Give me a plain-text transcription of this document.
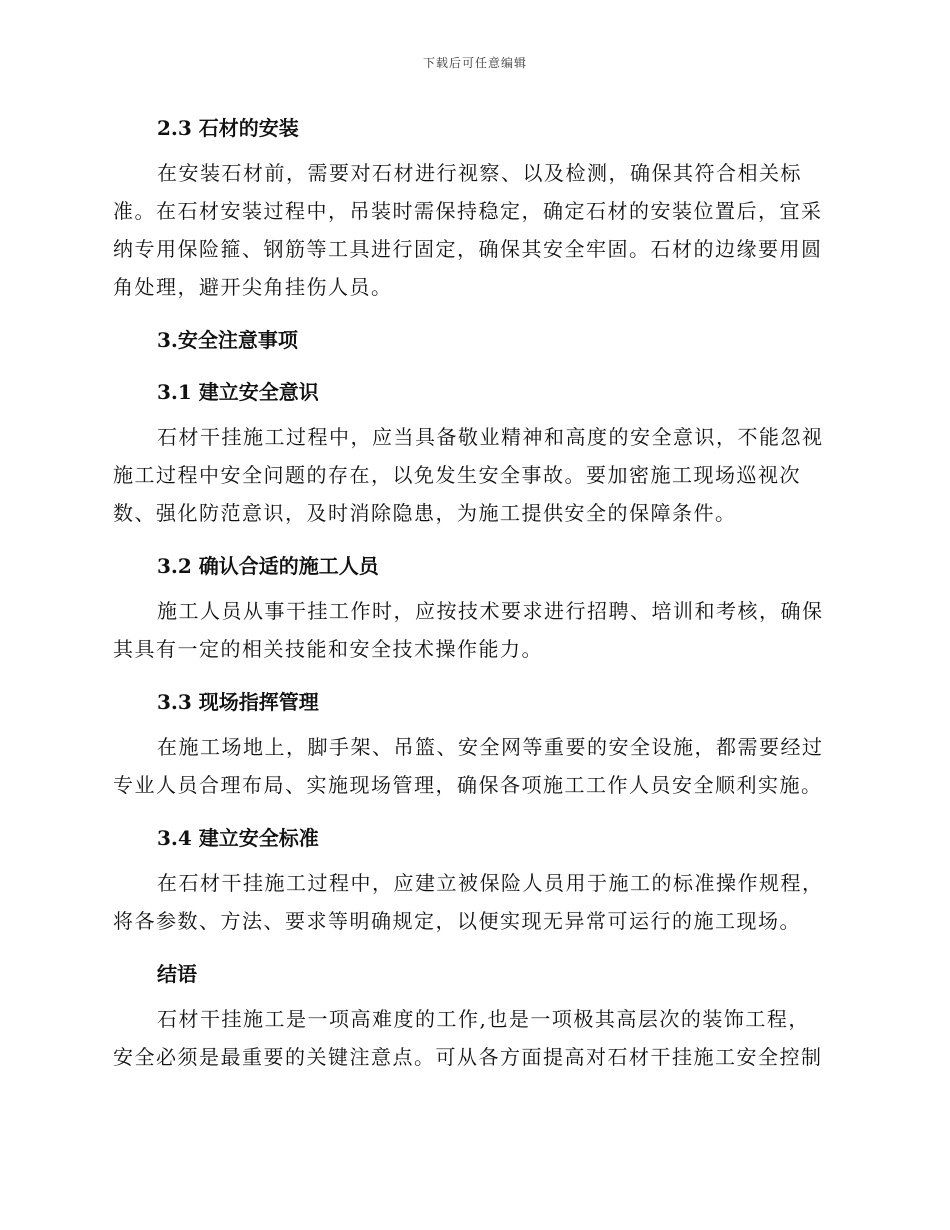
下载后可任意编辑
2.3 石材的安装
在安装石材前，需要对石材进行视察、以及检测，确保其符合相关标
准。在石材安装过程中，吊装时需保持稳定，确定石材的安装位置后，宜采
纳专用保险箍、钢筋等工具进行固定，确保其安全牢固。石材的边缘要用圆
角处理，避开尖角挂伤人员。
3.安全注意事项
3.1 建立安全意识
石材干挂施工过程中，应当具备敬业精神和高度的安全意识，不能忽视
施工过程中安全问题的存在，以免发生安全事故。要加密施工现场巡视次
数、强化防范意识，及时消除隐患，为施工提供安全的保障条件。
3.2 确认合适的施工人员
施工人员从事干挂工作时，应按技术要求进行招聘、培训和考核，确保
其具有一定的相关技能和安全技术操作能力。
3.3 现场指挥管理
在施工场地上，脚手架、吊篮、安全网等重要的安全设施，都需要经过
专业人员合理布局、实施现场管理，确保各项施工工作人员安全顺利实施。
3.4 建立安全标准
在石材干挂施工过程中，应建立被保险人员用于施工的标准操作规程，
将各参数、方法、要求等明确规定，以便实现无异常可运行的施工现场。
结语
石材干挂施工是一项高难度的工作,也是一项极其高层次的装饰工程，
安全必须是最重要的关键注意点。可从各方面提高对石材干挂施工安全控制
